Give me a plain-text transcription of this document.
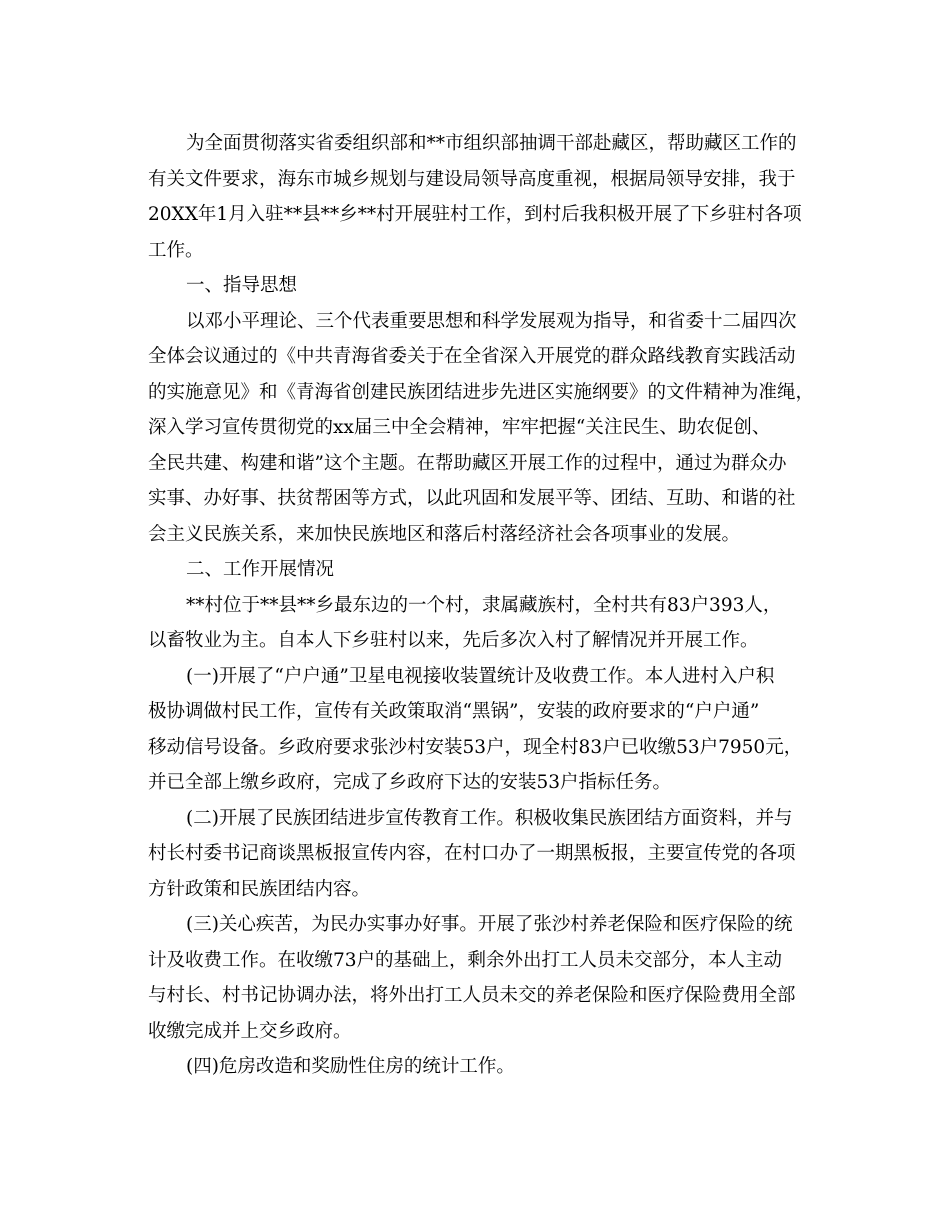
为全面贯彻落实省委组织部和**市组织部抽调干部赴藏区，帮助藏区工作的
有关文件要求，海东市城乡规划与建设局领导高度重视，根据局领导安排，我于
20XX年1月入驻**县**乡**村开展驻村工作，到村后我积极开展了下乡驻村各项
工作。
一、指导思想
以邓小平理论、三个代表重要思想和科学发展观为指导，和省委十二届四次
全体会议通过的《中共青海省委关于在全省深入开展党的群众路线教育实践活动
的实施意见》和《青海省创建民族团结进步先进区实施纲要》的文件精神为准绳，
深入学习宣传贯彻党的xx届三中全会精神，牢牢把握“关注民生、助农促创、
全民共建、构建和谐”这个主题。在帮助藏区开展工作的过程中，通过为群众办
实事、办好事、扶贫帮困等方式，以此巩固和发展平等、团结、互助、和谐的社
会主义民族关系，来加快民族地区和落后村落经济社会各项事业的发展。
二、工作开展情况
**村位于**县**乡最东边的一个村，隶属藏族村，全村共有83户393人，
以畜牧业为主。自本人下乡驻村以来，先后多次入村了解情况并开展工作。
(一)开展了“户户通”卫星电视接收装置统计及收费工作。本人进村入户积
极协调做村民工作，宣传有关政策取消“黑锅”，安装的政府要求的“户户通”
移动信号设备。乡政府要求张沙村安装53户，现全村83户已收缴53户7950元，
并已全部上缴乡政府，完成了乡政府下达的安装53户指标任务。
(二)开展了民族团结进步宣传教育工作。积极收集民族团结方面资料，并与
村长村委书记商谈黑板报宣传内容，在村口办了一期黑板报，主要宣传党的各项
方针政策和民族团结内容。
(三)关心疾苦，为民办实事办好事。开展了张沙村养老保险和医疗保险的统
计及收费工作。在收缴73户的基础上，剩余外出打工人员未交部分，本人主动
与村长、村书记协调办法，将外出打工人员未交的养老保险和医疗保险费用全部
收缴完成并上交乡政府。
(四)危房改造和奖励性住房的统计工作。
